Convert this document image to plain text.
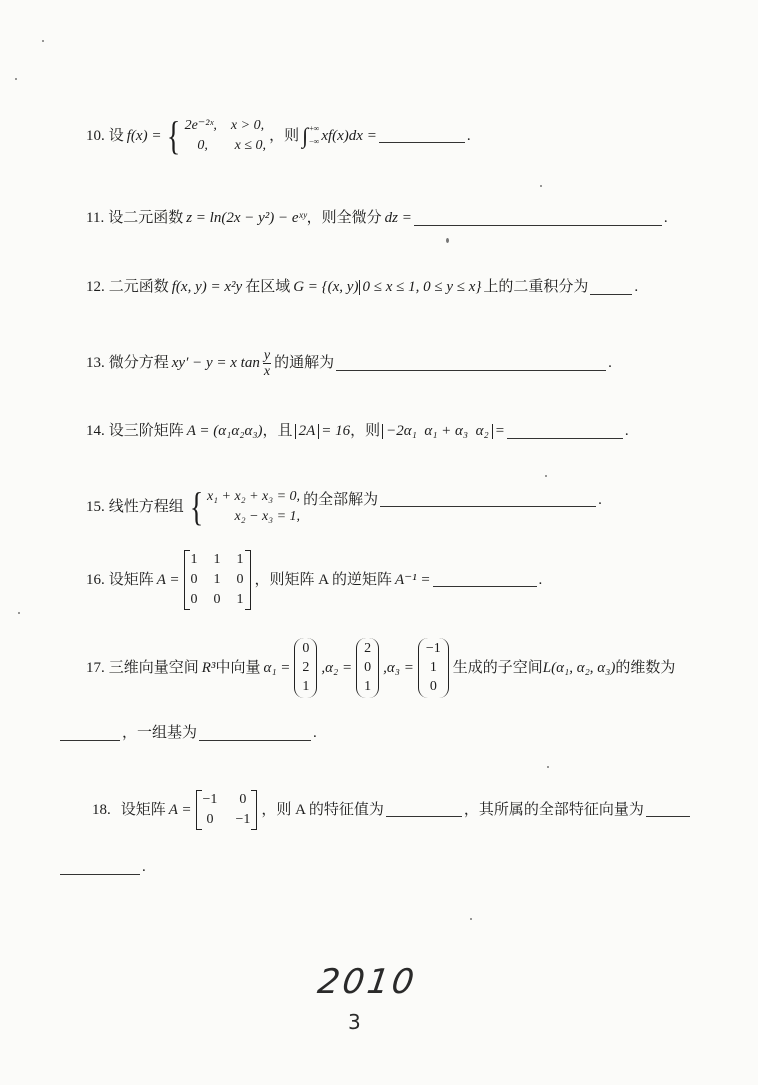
10. 设 f(x) = { 2e⁻²ˣ, x > 0,
0,	x ≤ 0,
，则 ∫ +∞
−∞ xf(x)dx =	.
11. 设二元函数 z = ln(2x − y²) − eˣʸ ，则全微分 dz =	.
12. 二元函数 f(x, y) = x²y 在区域 G = {(x, y) 0 ≤ x ≤ 1, 0 ≤ y ≤ x} 上的二重积分为	.
13. 微分方程 xy′ − y = x $\tan \frac{y}{x}$ 的通解为	.
14. 设三阶矩阵 A = (α₁α₂α₃) ，且 2A = 16 ，则 −2α₁  α₁ + α₃  α₂ =	.
15. 线性方程组 { x₁ + x₂ + x₃ = 0,
x₂ − x₃ = 1,
的全部解为	.
16. 设矩阵 A =
1 1 1
0 1 0
0 0 1
，则矩阵 A 的逆矩阵 A⁻¹ =	.
17. 三维向量空间 R³ 中向量 α₁ =
0
2
1
,α₂ =
2
0
1
,α₃ =
−1
1
0
生成的子空间 L(α₁, α₂, α₃) 的维数为
，一组基为	.
18. 设矩阵 A =
−1 0
0 −1
，则 A 的特征值为	，其所属的全部特征向量为
.
2010
3
